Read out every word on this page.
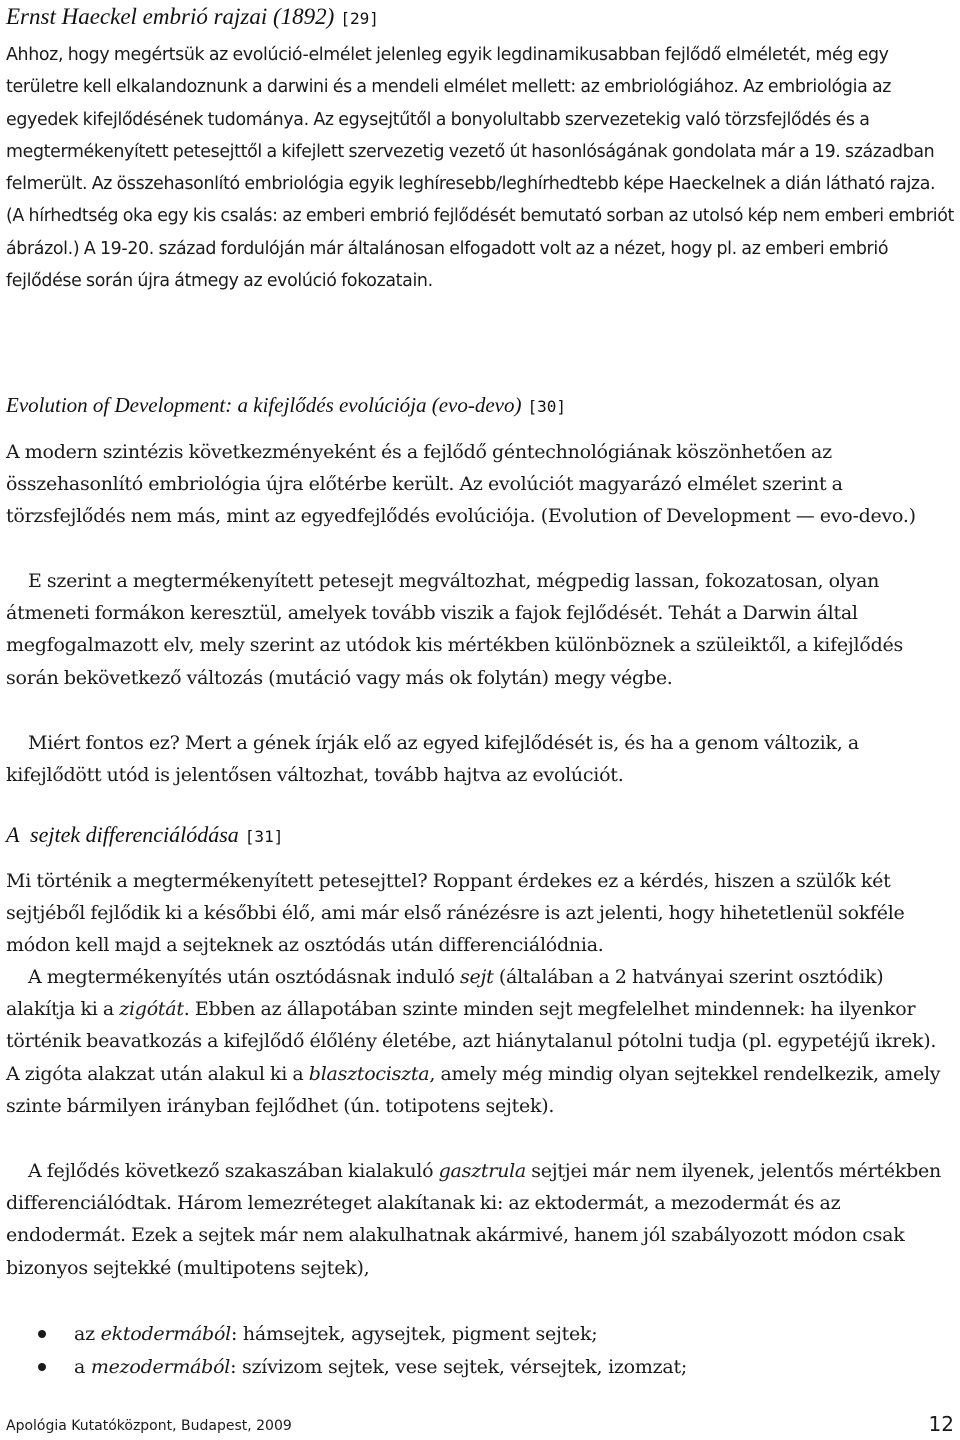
Ernst Haeckel embrió rajzai (1892) [29]

Ahhoz, hogy megértsük az evolúció-elmélet jelenleg egyik legdinamikusabban fejlődő elméletét, még egy területre kell elkalandoznunk a darwini és a mendeli elmélet mellett: az embriológiához. Az embriológia az egyedek kifejlődésének tudománya. Az egysejtűtől a bonyolultabb szervezetekig való törzsfejlődés és a megtermékenyített petesejttől a kifejlett szervezetig vezető út hasonlóságának gondolata már a 19. században felmerült. Az összehasonlító embriológia egyik leghíresebb/leghírhedtebb képe Haeckelnek a dián látható rajza. (A hírhedtség oka egy kis csalás: az emberi embrió fejlődését bemutató sorban az utolsó kép nem emberi embriót ábrázol.) A 19-20. század fordulóján már általánosan elfogadott volt az a nézet, hogy pl. az emberi embrió fejlődése során újra átmegy az evolúció fokozatain.

Evolution of Development: a kifejlődés evolúciója (evo-devo) [30]

A modern szintézis következményeként és a fejlődő géntechnológiának köszönhetően az összehasonlító embriológia újra előtérbe került. Az evolúciót magyarázó elmélet szerint a törzsfejlődés nem más, mint az egyedfejlődés evolúciója. (Evolution of Development — evo-devo.)

E szerint a megtermékenyített petesejt megváltozhat, mégpedig lassan, fokozatosan, olyan átmeneti formákon keresztül, amelyek tovább viszik a fajok fejlődését. Tehát a Darwin által megfogalmazott elv, mely szerint az utódok kis mértékben különböznek a szüleiktől, a kifejlődés során bekövetkező változás (mutáció vagy más ok folytán) megy végbe.

Miért fontos ez? Mert a gének írják elő az egyed kifejlődését is, és ha a genom változik, a kifejlődött utód is jelentősen változhat, tovább hajtva az evolúciót.

A  sejtek differenciálódása [31]

Mi történik a megtermékenyített petesejttel? Roppant érdekes ez a kérdés, hiszen a szülők két sejtjéből fejlődik ki a későbbi élő, ami már első ránézésre is azt jelenti, hogy hihetetlenül sokféle módon kell majd a sejteknek az osztódás után differenciálódnia.

A megtermékenyítés után osztódásnak induló sejt (általában a 2 hatványai szerint osztódik) alakítja ki a zigótát. Ebben az állapotában szinte minden sejt megfelelhet mindennek: ha ilyenkor történik beavatkozás a kifejlődő élőlény életébe, azt hiánytalanul pótolni tudja (pl. egypetéjű ikrek). A zigóta alakzat után alakul ki a blasztociszta, amely még mindig olyan sejtekkel rendelkezik, amely szinte bármilyen irányban fejlődhet (ún. totipotens sejtek).

A fejlődés következő szakaszában kialakuló gasztrula sejtjei már nem ilyenek, jelentős mértékben differenciálódtak. Három lemezréteget alakítanak ki: az ektodermát, a mezodermát és az endodermát. Ezek a sejtek már nem alakulhatnak akármivé, hanem jól szabályozott módon csak bizonyos sejtekké (multipotens sejtek),

az ektodermából: hámsejtek, agysejtek, pigment sejtek;
a mezodermából: szívizom sejtek, vese sejtek, vérsejtek, izomzat;
Apológia Kutatóközpont, Budapest, 2009	12
